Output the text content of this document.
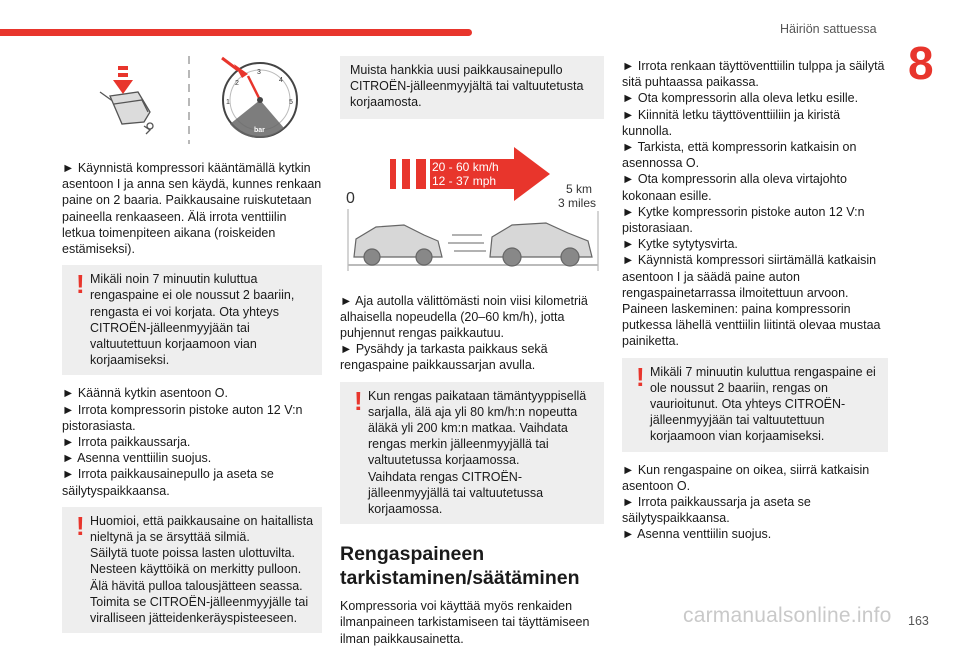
Häiriön sattuessa
8
1
2
3
4
5
6
bar

► Käynnistä kompressori kääntämällä kytkin asentoon I ja anna sen käydä, kunnes renkaan paine on 2 baaria. Paikkausaine ruiskutetaan paineella renkaaseen. Älä irrota venttiilin letkua toimenpiteen aikana (roiskeiden estämiseksi).

! Mikäli noin 7 minuutin kuluttua rengaspaine ei ole noussut 2 baariin, rengasta ei voi korjata. Ota yhteys CITROËN-jälleenmyyjään tai valtuutettuun korjaamoon vian korjaamiseksi.

► Käännä kytkin asentoon O.
► Irrota kompressorin pistoke auton 12 V:n pistorasiasta.
► Irrota paikkaussarja.
► Asenna venttiilin suojus.
► Irrota paikkausainepullo ja aseta se säilytyspaikkaansa.

! Huomioi, että paikkausaine on haitallista nieltynä ja se ärsyttää silmiä.
Säilytä tuote poissa lasten ulottuvilta.
Nesteen käyttöikä on merkitty pulloon.
Älä hävitä pulloa talousjätteen seassa. Toimita se CITROËN-jälleenmyyjälle tai viralliseen jätteidenkeräyspisteeseen.
Muista hankkia uusi paikkausainepullo CITROËN-jälleenmyyjältä tai valtuutetusta korjaamosta.
20 - 60 km/h
12 - 37 mph
0
5 km
3 miles

► Aja autolla välittömästi noin viisi kilometriä alhaisella nopeudella (20–60 km/h), jotta puhjennut rengas paikkautuu.
► Pysähdy ja tarkasta paikkaus sekä rengaspaine paikkaussarjan avulla.

! Kun rengas paikataan tämäntyyppisellä sarjalla, älä aja yli 80 km/h:n nopeutta äläkä yli 200 km:n matkaa. Vaihdata rengas merkin jälleenmyyjällä tai valtuutetussa korjaamossa.
Vaihdata rengas CITROËN-jälleenmyyjällä tai valtuutetussa korjaamossa.
Rengaspaineen tarkistaminen/säätäminen

Kompressoria voi käyttää myös renkaiden ilmanpaineen tarkistamiseen tai täyttämiseen ilman paikkausainetta.

► Irrota renkaan täyttöventtiilin tulppa ja säilytä sitä puhtaassa paikassa.
► Ota kompressorin alla oleva letku esille.
► Kiinnitä letku täyttöventtiiliin ja kiristä kunnolla.
► Tarkista, että kompressorin katkaisin on asennossa O.
► Ota kompressorin alla oleva virtajohto kokonaan esille.
► Kytke kompressorin pistoke auton 12 V:n pistorasiaan.
► Kytke sytytysvirta.
► Käynnistä kompressori siirtämällä katkaisin asentoon I ja säädä paine auton rengaspainetarrassa ilmoitettuun arvoon.
Paineen laskeminen: paina kompressorin putkessa lähellä venttiilin liitintä olevaa mustaa painiketta.

! Mikäli 7 minuutin kuluttua rengaspaine ei ole noussut 2 baariin, rengas on vaurioitunut. Ota yhteys CITROËN-jälleenmyyjään tai valtuutettuun korjaamoon vian korjaamiseksi.

► Kun rengaspaine on oikea, siirrä katkaisin asentoon O.
► Irrota paikkaussarja ja aseta se säilytyspaikkaansa.
► Asenna venttiilin suojus.

carmanualsonline.info 163
